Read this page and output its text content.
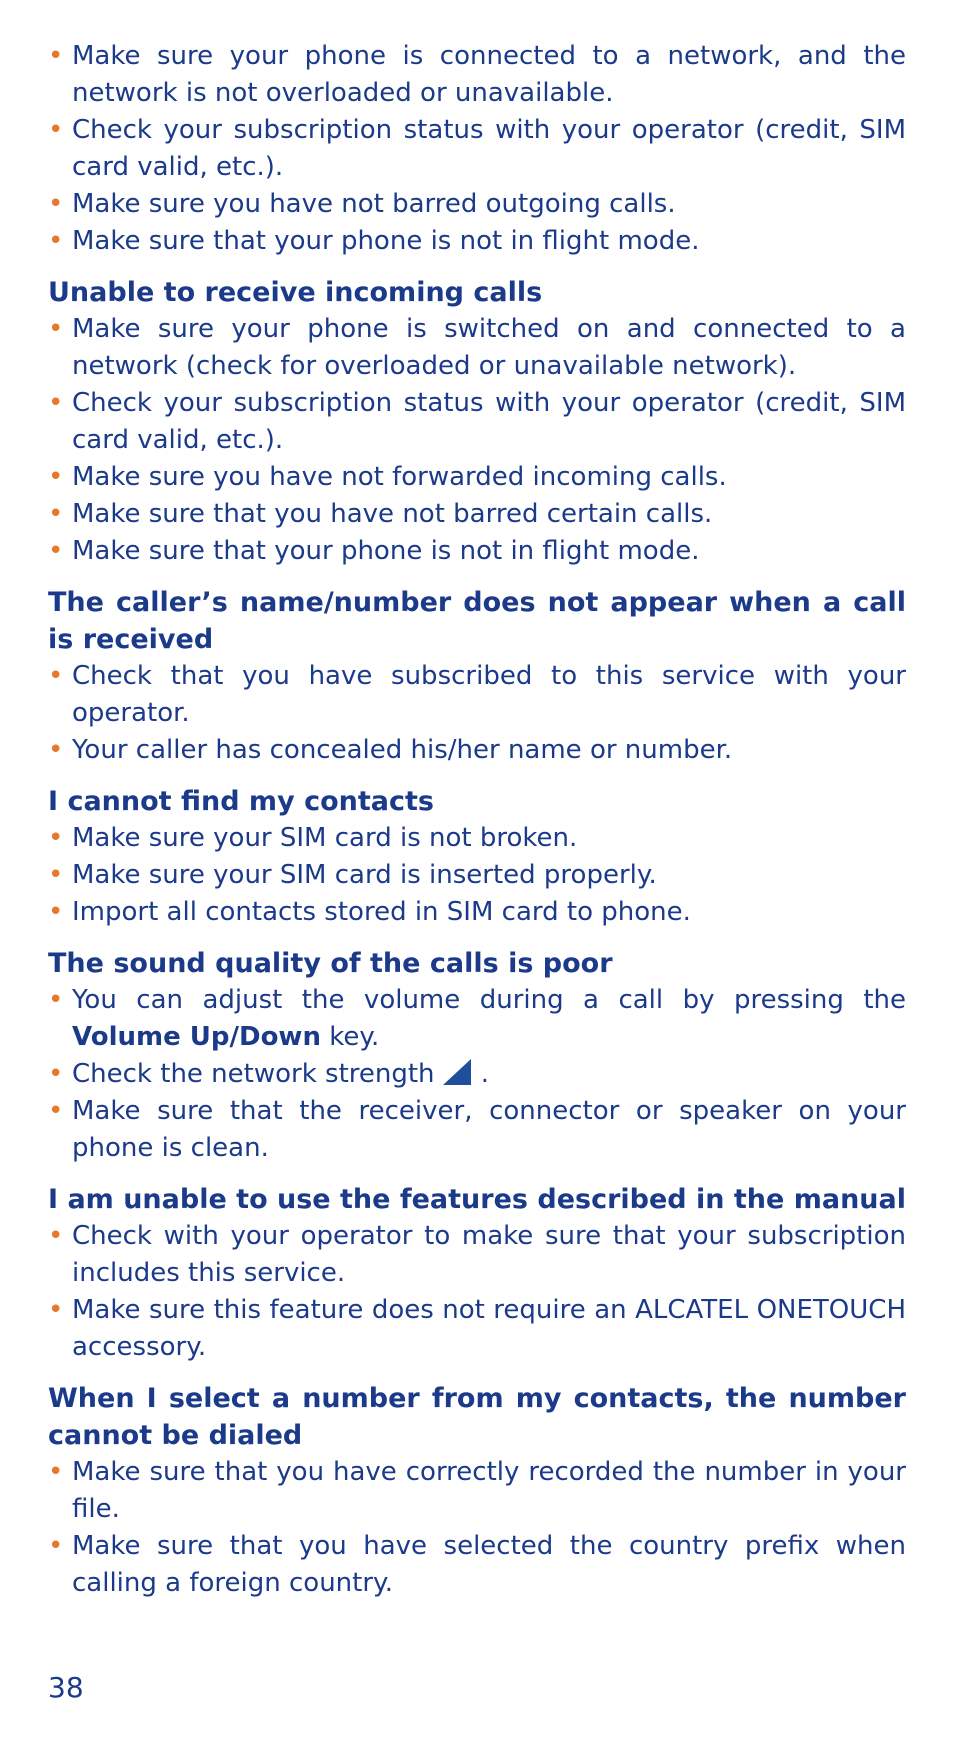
• Make sure your phone is connected to a network, and the network is not overloaded or unavailable.
• Check your subscription status with your operator (credit, SIM card valid, etc.).
• Make sure you have not barred outgoing calls.
• Make sure that your phone is not in flight mode.
Unable to receive incoming calls
• Make sure your phone is switched on and connected to a network (check for overloaded or unavailable network).
• Check your subscription status with your operator (credit, SIM card valid, etc.).
• Make sure you have not forwarded incoming calls.
• Make sure that you have not barred certain calls.
• Make sure that your phone is not in flight mode.
The caller’s name/number does not appear when a call is received
• Check that you have subscribed to this service with your operator.
• Your caller has concealed his/her name or number.
I cannot find my contacts
• Make sure your SIM card is not broken.
• Make sure your SIM card is inserted properly.
• Import all contacts stored in SIM card to phone.
The sound quality of the calls is poor
• You can adjust the volume during a call by pressing the Volume Up/Down key.
• Check the network strength .
• Make sure that the receiver, connector or speaker on your phone is clean.
I am unable to use the features described in the manual
• Check with your operator to make sure that your subscription includes this service.
• Make sure this feature does not require an ALCATEL ONETOUCH accessory.
When I select a number from my contacts, the number cannot be dialed
• Make sure that you have correctly recorded the number in your file.
• Make sure that you have selected the country prefix when calling a foreign country.
38
